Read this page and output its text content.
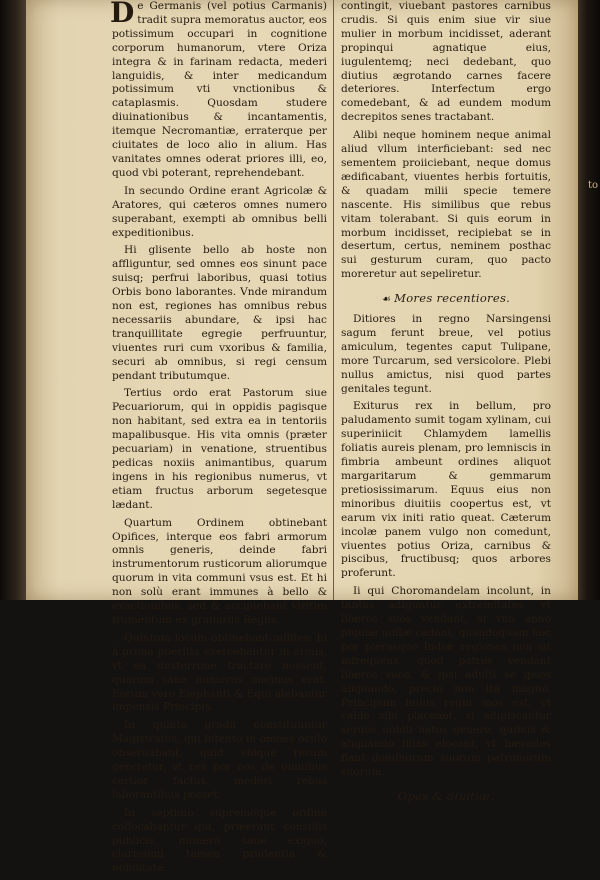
to

De Germanis (vel potius Carmanis) tradit supra memoratus auctor, eos potissimum occupari in cognitione corporum humanorum, vtere Oriza integra & in farinam redacta, mederi languidis, & inter medicandum potissimum vti vnctionibus & cataplasmis. Quosdam studere diuinationibus & incantamentis, itemque Necromantiæ, erraterque per ciuitates de loco alio in alium. Has vanitates omnes oderat priores illi, eo, quod vbi poterant, reprehendebant.

In secundo Ordine erant Agricolæ & Aratores, qui cæteros omnes numero superabant, exempti ab omnibus belli expeditionibus.

Hi glisente bello ab hoste non affliguntur, sed omnes eos sinunt pace suisq; perfrui laboribus, quasi totius Orbis bono laborantes. Vnde mirandum non est, regiones has omnibus rebus necessariis abundare, & ipsi hac tranquillitate egregie perfruuntur, viuentes ruri cum vxoribus & familia, securi ab omnibus, si regi censum pendant tributumque.

Tertius ordo erat Pastorum siue Pecuariorum, qui in oppidis pagisque non habitant, sed extra ea in tentoriis mapalibusque. His vita omnis (præter pecuariam) in venatione, struentibus pedicas noxiis animantibus, quarum ingens in his regionibus numerus, vt etiam fructus arborum segetesque lædant.

Quartum Ordinem obtinebant Opifices, interque eos fabri armorum omnis generis, deinde fabri instrumentorum rusticorum aliorumque quorum in vita communi vsus est. Et hi non solù erant immunes à bello & exactionibus, sed & accipiebant viritim frumentum ex granariis Regiis.

Quintum locum obtinebant milites: hi à prima pueritia exercebantur in armis, vt ea dexterrime tractare nossent, quorum sane numerus magnus erat. Eorum vero Elephanti & Equi alebantur impensis Principis.

In quinto gradu constituuntur Magistratus, qui intento in omnes oculo obseruabant, quid vbique rerum gereretur, vt rex per eos de omnibus certior factus, mederi rebus laborantibus posset.

In septimo supremoque ordine collocabantur qui, præerant consiliis publicis, numero sane exiguo, clarissimi tamen prudentia & nobilitate.

contingit, viuebant pastores carnibus crudis. Si quis enim siue vir siue mulier in morbum incidisset, aderant propinqui agnatique eius, iugulentemq; neci dedebant, quo diutius ægrotando carnes facere deteriores. Interfectum ergo comedebant, & ad eundem modum decrepitos senes tractabant.

Alibi neque hominem neque animal aliud vllum interficiebant: sed nec sementem proiiciebant, neque domus ædificabant, viuentes herbis fortuitis, & quadam milii specie temere nascente. His similibus que rebus vitam tolerabant. Si quis eorum in morbum incidisset, recipiebat se in desertum, certus, neminem posthac sui gesturum curam, quo pacto moreretur aut sepeliretur.

☙ Mores recentiores.

Ditiores in regno Narsingensi sagum ferunt breue, vel potius amiculum, tegentes caput Tulipane, more Turcarum, sed versicolore. Plebi nullus amictus, nisi quod partes genitales tegunt.

Exiturus rex in bellum, pro paludamento sumit togam xylinam, cui superiniicit Chlamydem lamellis foliatis aureis plenam, pro lemniscis in fimbria ambeunt ordines aliquot margaritarum & gemmarum pretiosissimarum. Equus eius non minoribus diuitiis coopertus est, vt earum vix initi ratio queat. Cæterum incolæ panem vulgo non comedunt, viuentes potius Oriza, carnibus & piscibus, fructibusq; quos arbores proferunt.

Ii qui Choromandelam incolunt, in tantas adiguntur extremitates, vt liberos suos vendant, si vno anno pluuiæ nullæ cadant, quandoquam hoc per plerasque Indiæ regiones non sit infrequens, quod patres vendant liberos suos, & ipsi adulti se ipsos aliquando, precio non ita magno. Principum huius regni mos est, vt valde sibi placeant, si adipiscantur seruos nobili natos genere, quibus & aliquando filias elocant, vt hæredes fiant dominorum suorum patronorum suorum.

Opes & diuitiæ.
